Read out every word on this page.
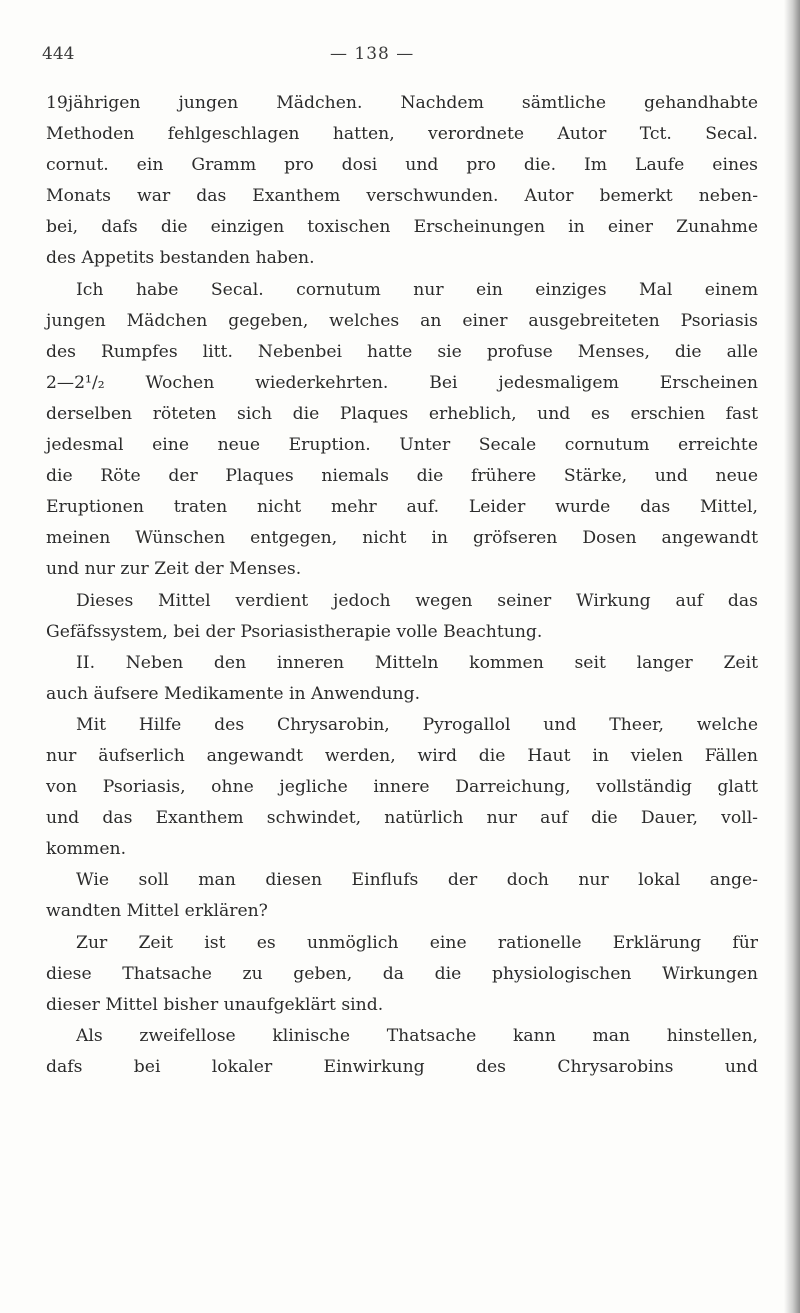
444	— 138 —
19jährigen jungen Mädchen. Nachdem sämtliche gehandhabte
Methoden fehlgeschlagen hatten, verordnete Autor Tct. Secal.
cornut. ein Gramm pro dosi und pro die. Im Laufe eines
Monats war das Exanthem verschwunden. Autor bemerkt neben-
bei, dafs die einzigen toxischen Erscheinungen in einer Zunahme
des Appetits bestanden haben.
Ich habe Secal. cornutum nur ein einziges Mal einem
jungen Mädchen gegeben, welches an einer ausgebreiteten Psoriasis
des Rumpfes litt. Nebenbei hatte sie profuse Menses, die alle
2—2¹/₂ Wochen wiederkehrten. Bei jedesmaligem Erscheinen
derselben röteten sich die Plaques erheblich, und es erschien fast
jedesmal eine neue Eruption. Unter Secale cornutum erreichte
die Röte der Plaques niemals die frühere Stärke, und neue
Eruptionen traten nicht mehr auf. Leider wurde das Mittel,
meinen Wünschen entgegen, nicht in gröfseren Dosen angewandt
und nur zur Zeit der Menses.
Dieses Mittel verdient jedoch wegen seiner Wirkung auf das
Gefäfssystem, bei der Psoriasistherapie volle Beachtung.
II. Neben den inneren Mitteln kommen seit langer Zeit
auch äufsere Medikamente in Anwendung.
Mit Hilfe des Chrysarobin, Pyrogallol und Theer, welche
nur äufserlich angewandt werden, wird die Haut in vielen Fällen
von Psoriasis, ohne jegliche innere Darreichung, vollständig glatt
und das Exanthem schwindet, natürlich nur auf die Dauer, voll-
kommen.
Wie soll man diesen Einflufs der doch nur lokal ange-
wandten Mittel erklären?
Zur Zeit ist es unmöglich eine rationelle Erklärung für
diese Thatsache zu geben, da die physiologischen Wirkungen
dieser Mittel bisher unaufgeklärt sind.
Als zweifellose klinische Thatsache kann man hinstellen,
dafs bei lokaler Einwirkung des Chrysarobins und
